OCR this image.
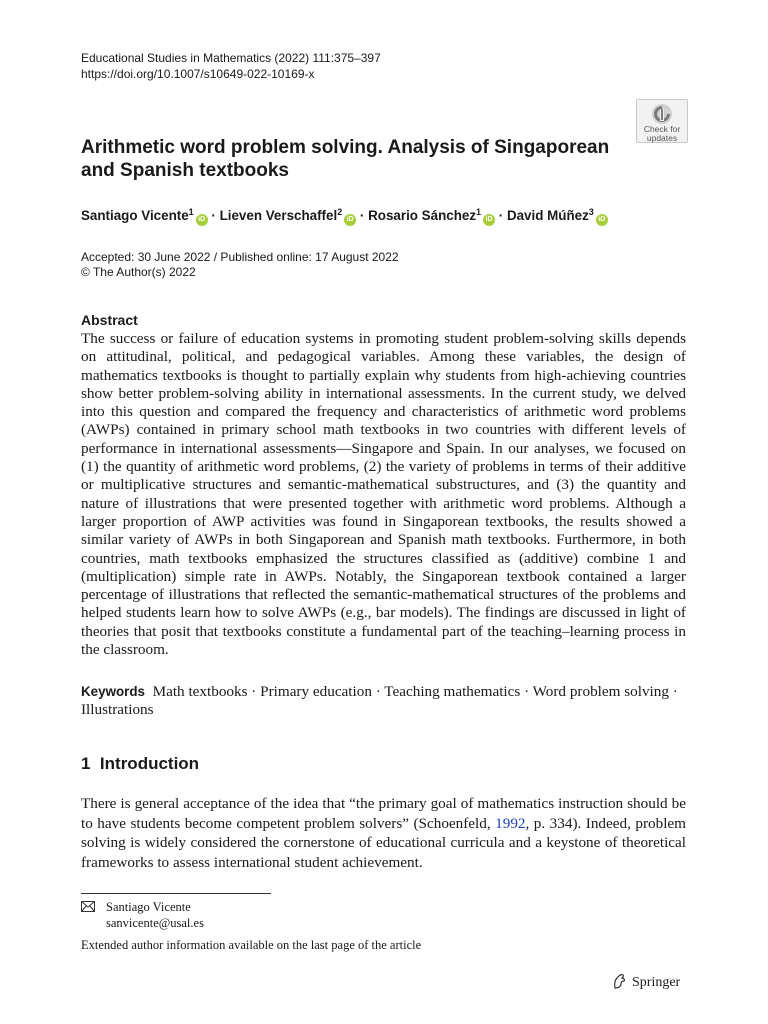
Educational Studies in Mathematics (2022) 111:375–397
https://doi.org/10.1007/s10649-022-10169-x
Check for
updates
Arithmetic word problem solving. Analysis of Singaporean and Spanish textbooks
Santiago Vicente$^1$iD · Lieven Verschaffel$^2$iD · Rosario Sánchez$^1$iD · David Múñez$^3$iD
Accepted: 30 June 2022 / Published online: 17 August 2022
© The Author(s) 2022
Abstract

The success or failure of education systems in promoting student problem-solving skills depends on attitudinal, political, and pedagogical variables. Among these variables, the design of mathematics textbooks is thought to partially explain why students from high-achieving countries show better problem-solving ability in international assessments. In the current study, we delved into this question and compared the frequency and characteristics of arithmetic word problems (AWPs) contained in primary school math textbooks in two countries with different levels of performance in international assessments—Singapore and Spain. In our analyses, we focused on (1) the quantity of arithmetic word problems, (2) the variety of problems in terms of their additive or multiplicative structures and semantic-mathematical substructures, and (3) the quantity and nature of illustrations that were presented together with arithmetic word problems. Although a larger proportion of AWP activities was found in Singaporean textbooks, the results showed a similar variety of AWPs in both Singaporean and Spanish math textbooks. Furthermore, in both countries, math textbooks emphasized the structures classified as (additive) combine 1 and (multiplication) simple rate in AWPs. Notably, the Singaporean textbook contained a larger percentage of illustrations that reflected the semantic-mathematical structures of the problems and helped students learn how to solve AWPs (e.g., bar models). The findings are discussed in light of theories that posit that textbooks constitute a fundamental part of the teaching–learning process in the classroom.

Keywords Math textbooks · Primary education · Teaching mathematics · Word problem solving · Illustrations
1 Introduction

There is general acceptance of the idea that “the primary goal of mathematics instruction should be to have students become competent problem solvers” (Schoenfeld, 1992, p. 334). Indeed, problem solving is widely considered the cornerstone of educational curricula and a keystone of theoretical frameworks to assess international student achievement.

Santiago Vicente
sanvicente@usal.es
Extended author information available on the last page of the article
Springer
